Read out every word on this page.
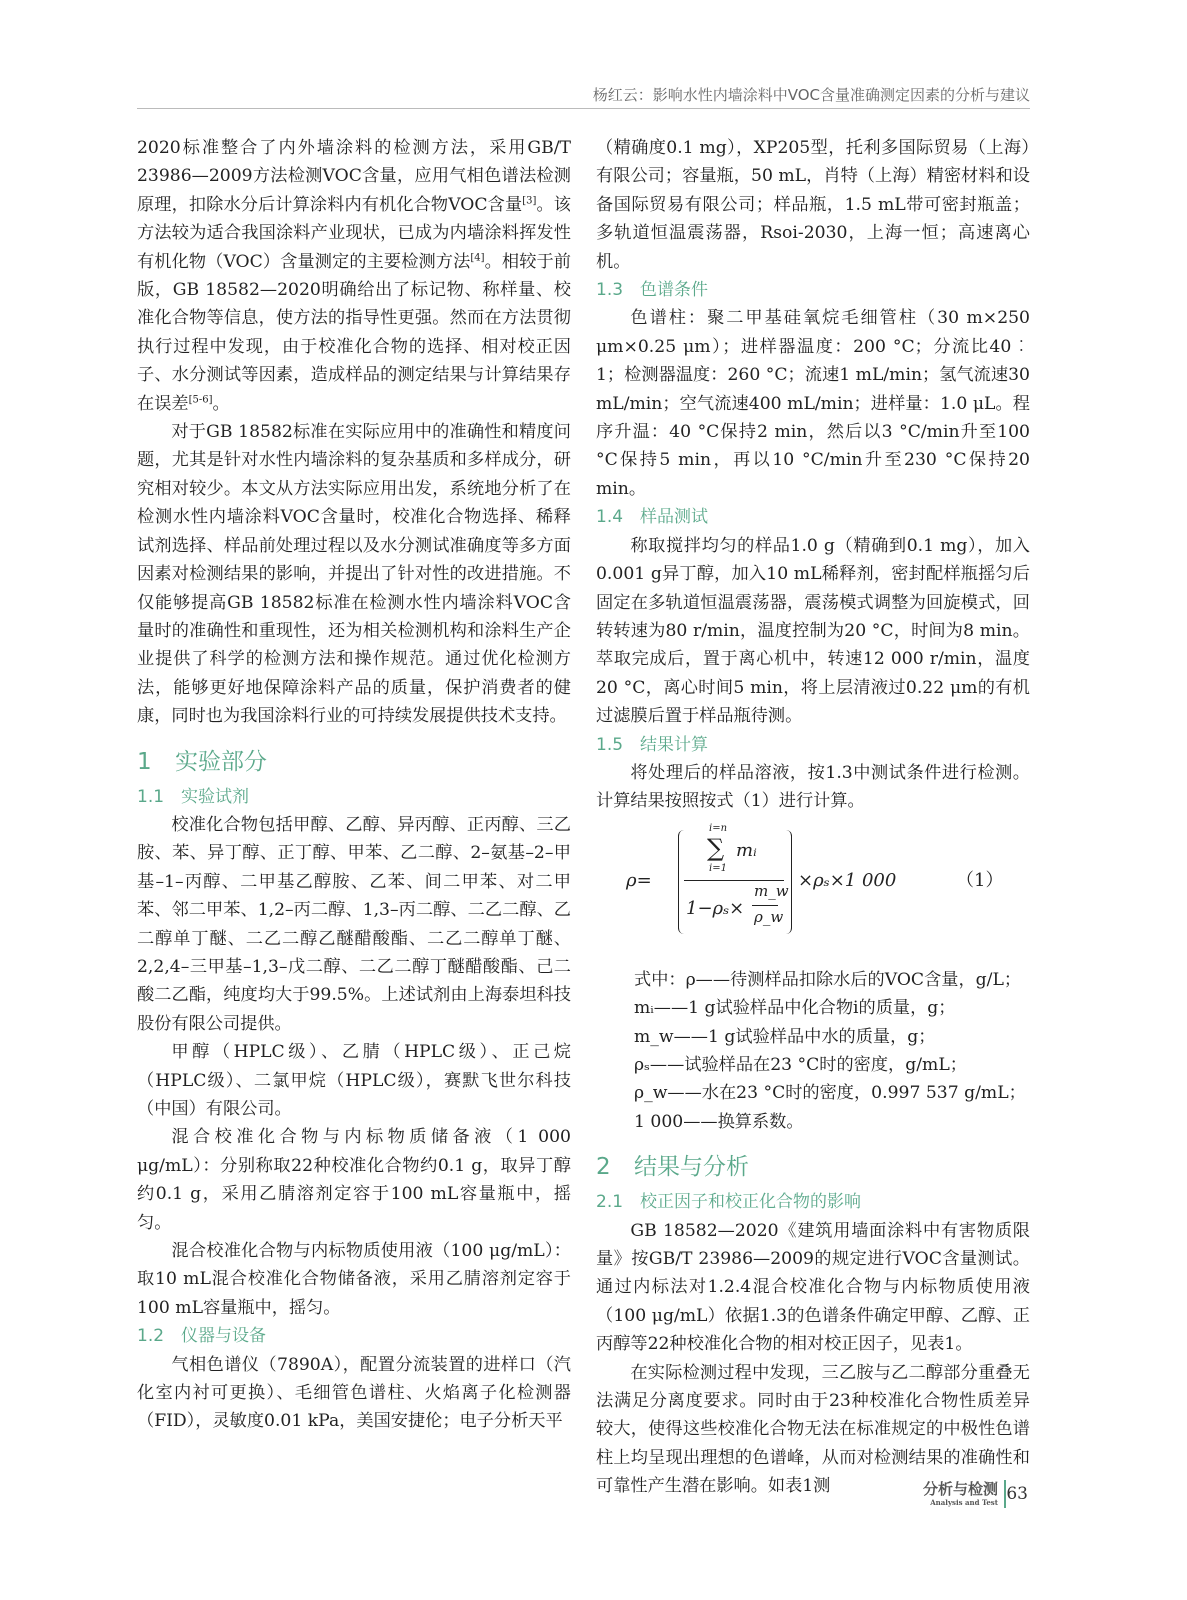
杨红云：影响水性内墙涂料中VOC含量准确测定因素的分析与建议

2020标准整合了内外墙涂料的检测方法，采用GB/T 23986—2009方法检测VOC含量，应用气相色谱法检测原理，扣除水分后计算涂料内有机化合物VOC含量[3]。该方法较为适合我国涂料产业现状，已成为内墙涂料挥发性有机化物（VOC）含量测定的主要检测方法[4]。相较于前版，GB 18582—2020明确给出了标记物、称样量、校准化合物等信息，使方法的指导性更强。然而在方法贯彻执行过程中发现，由于校准化合物的选择、相对校正因子、水分测试等因素，造成样品的测定结果与计算结果存在误差[5-6]。

对于GB 18582标准在实际应用中的准确性和精度问题，尤其是针对水性内墙涂料的复杂基质和多样成分，研究相对较少。本文从方法实际应用出发，系统地分析了在检测水性内墙涂料VOC含量时，校准化合物选择、稀释试剂选择、样品前处理过程以及水分测试准确度等多方面因素对检测结果的影响，并提出了针对性的改进措施。不仅能够提高GB 18582标准在检测水性内墙涂料VOC含量时的准确性和重现性，还为相关检测机构和涂料生产企业提供了科学的检测方法和操作规范。通过优化检测方法，能够更好地保障涂料产品的质量，保护消费者的健康，同时也为我国涂料行业的可持续发展提供技术支持。

1 实验部分
1.1 实验试剂

校准化合物包括甲醇、乙醇、异丙醇、正丙醇、三乙胺、苯、异丁醇、正丁醇、甲苯、乙二醇、2–氨基–2–甲基–1–丙醇、二甲基乙醇胺、乙苯、间二甲苯、对二甲苯、邻二甲苯、1,2–丙二醇、1,3–丙二醇、二乙二醇、乙二醇单丁醚、二乙二醇乙醚醋酸酯、二乙二醇单丁醚、2,2,4–三甲基–1,3–戊二醇、二乙二醇丁醚醋酸酯、己二酸二乙酯，纯度均大于99.5%。上述试剂由上海泰坦科技股份有限公司提供。

甲醇（HPLC级）、乙腈（HPLC级）、正己烷（HPLC级）、二氯甲烷（HPLC级），赛默飞世尔科技（中国）有限公司。

混合校准化合物与内标物质储备液（1 000 μg/mL）：分别称取22种校准化合物约0.1 g，取异丁醇约0.1 g，采用乙腈溶剂定容于100 mL容量瓶中，摇匀。

混合校准化合物与内标物质使用液（100 μg/mL）：取10 mL混合校准化合物储备液，采用乙腈溶剂定容于100 mL容量瓶中，摇匀。

1.2 仪器与设备

气相色谱仪（7890A），配置分流装置的进样口（汽化室内衬可更换）、毛细管色谱柱、火焰离子化检测器（FID），灵敏度0.01 kPa，美国安捷伦；电子分析天平

（精确度0.1 mg），XP205型，托利多国际贸易（上海）有限公司；容量瓶，50 mL，肖特（上海）精密材料和设备国际贸易有限公司；样品瓶，1.5 mL带可密封瓶盖；多轨道恒温震荡器，Rsoi-2030，上海一恒；高速离心机。

1.3 色谱条件

色谱柱：聚二甲基硅氧烷毛细管柱（30 m×250 μm×0.25 μm）；进样器温度：200 °C；分流比40︰1；检测器温度：260 °C；流速1 mL/min；氢气流速30 mL/min；空气流速400 mL/min；进样量：1.0 μL。程序升温：40 °C保持2 min，然后以3 °C/min升至100 °C保持5 min，再以10 °C/min升至230 °C保持20 min。

1.4 样品测试

称取搅拌均匀的样品1.0 g（精确到0.1 mg），加入0.001 g异丁醇，加入10 mL稀释剂，密封配样瓶摇匀后固定在多轨道恒温震荡器，震荡模式调整为回旋模式，回转转速为80 r/min，温度控制为20 °C，时间为8 min。萃取完成后，置于离心机中，转速12 000 r/min，温度20 °C，离心时间5 min，将上层清液过0.22 μm的有机过滤膜后置于样品瓶待测。

1.5 结果计算

将处理后的样品溶液，按1.3中测试条件进行检测。计算结果按照按式（1）进行计算。

ρ=
i=n
i=1
mᵢ
1−ρₛ×
m_w
ρ_w
×ρₛ×1 000	（1）
∑

式中：ρ——待测样品扣除水后的VOC含量，g/L；

mᵢ——1 g试验样品中化合物i的质量，g；

m_w——1 g试验样品中水的质量，g；

ρₛ——试验样品在23 °C时的密度，g/mL；

ρ_w——水在23 °C时的密度，0.997 537 g/mL；

1 000——换算系数。

2 结果与分析
2.1 校正因子和校正化合物的影响

GB 18582—2020《建筑用墙面涂料中有害物质限量》按GB/T 23986—2009的规定进行VOC含量测试。通过内标法对1.2.4混合校准化合物与内标物质使用液（100 μg/mL）依据1.3的色谱条件确定甲醇、乙醇、正丙醇等22种校准化合物的相对校正因子，见表1。

在实际检测过程中发现，三乙胺与乙二醇部分重叠无法满足分离度要求。同时由于23种校准化合物性质差异较大，使得这些校准化合物无法在标准规定的中极性色谱柱上均呈现出理想的色谱峰，从而对检测结果的准确性和可靠性产生潜在影响。如表1测	分析与检测
Analysis and Test 63
